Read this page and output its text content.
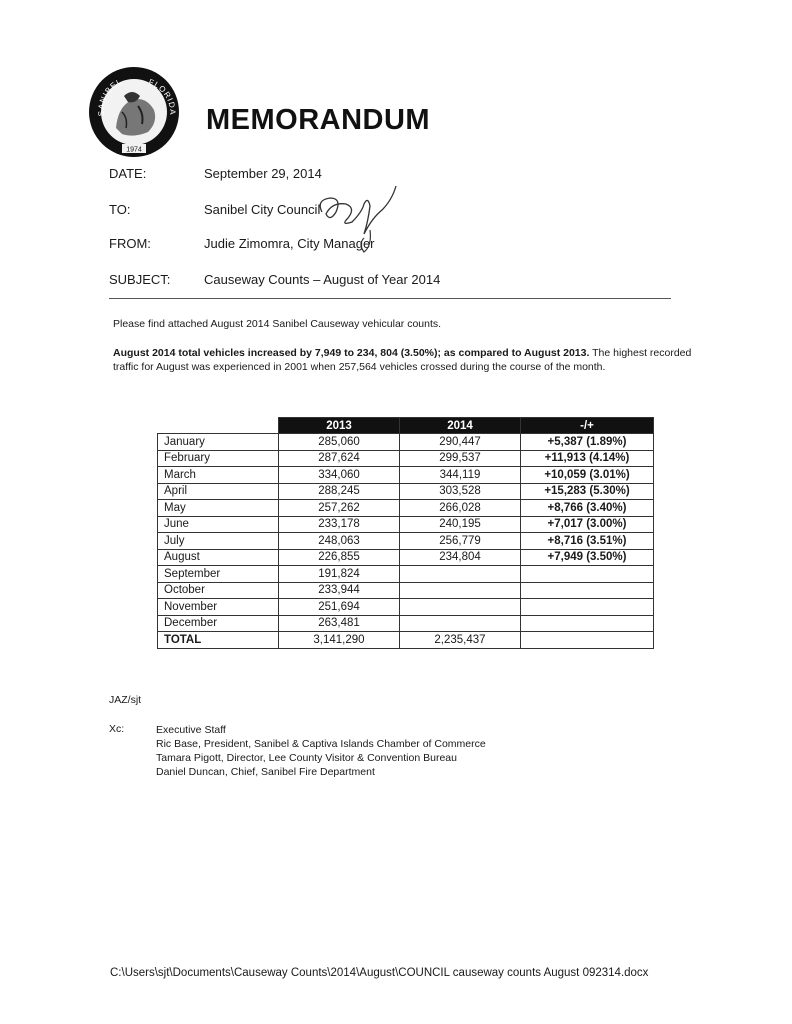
SANIBEL	FLORIDA
1974
MEMORANDUM
DATE:	September 29, 2014
TO:	Sanibel City Council
FROM:	Judie Zimomra, City Manager
SUBJECT:	Causeway Counts – August of Year 2014
Please find attached August 2014 Sanibel Causeway vehicular counts.
August 2014 total vehicles increased by 7,949 to 234, 804 (3.50%); as compared to August 2013. The highest recorded traffic for August was experienced in 2001 when 257,564 vehicles crossed during the course of the month.
	2013	2014	-/+
January	285,060	290,447	+5,387 (1.89%)
February	287,624	299,537	+11,913 (4.14%)
March	334,060	344,119	+10,059 (3.01%)
April	288,245	303,528	+15,283 (5.30%)
May	257,262	266,028	+8,766 (3.40%)
June	233,178	240,195	+7,017 (3.00%)
July	248,063	256,779	+8,716 (3.51%)
August	226,855	234,804	+7,949 (3.50%)
September	191,824		
October	233,944		
November	251,694		
December	263,481		
TOTAL	3,141,290	2,235,437	
JAZ/sjt
Xc:	Executive Staff
Ric Base, President, Sanibel & Captiva Islands Chamber of Commerce
Tamara Pigott, Director, Lee County Visitor & Convention Bureau
Daniel Duncan, Chief, Sanibel Fire Department
C:\Users\sjt\Documents\Causeway Counts\2014\August\COUNCIL causeway counts August 092314.docx
